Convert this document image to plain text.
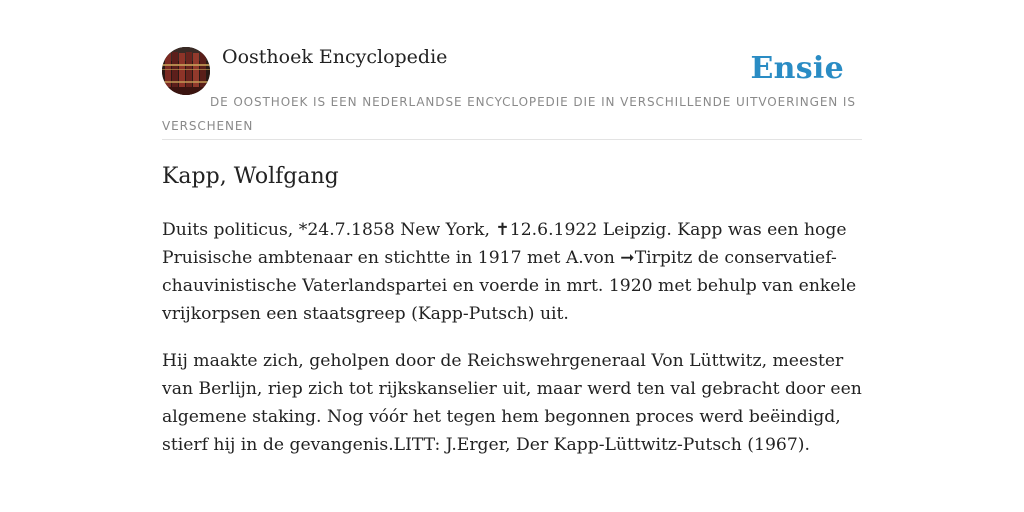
Oosthoek Encyclopedie	Ensie
DE OOSTHOEK IS EEN NEDERLANDSE ENCYCLOPEDIE DIE IN VERSCHILLENDE UITVOERINGEN IS VERSCHENEN
Kapp, Wolfgang

Duits politicus, *24.7.1858 New York, ✝12.6.1922 Leipzig. Kapp was een hoge Pruisische ambtenaar en stichtte in 1917 met A.von ➞Tirpitz de conservatief-chauvinistische Vaterlandspartei en voerde in mrt. 1920 met behulp van enkele vrijkorpsen een staatsgreep (Kapp-Putsch) uit.

Hij maakte zich, geholpen door de Reichswehrgeneraal Von Lüttwitz, meester van Berlijn, riep zich tot rijkskanselier uit, maar werd ten val gebracht door een algemene staking. Nog vóór het tegen hem begonnen proces werd beëindigd, stierf hij in de gevangenis.LITT: J.Erger, Der Kapp-Lüttwitz-Putsch (1967).
